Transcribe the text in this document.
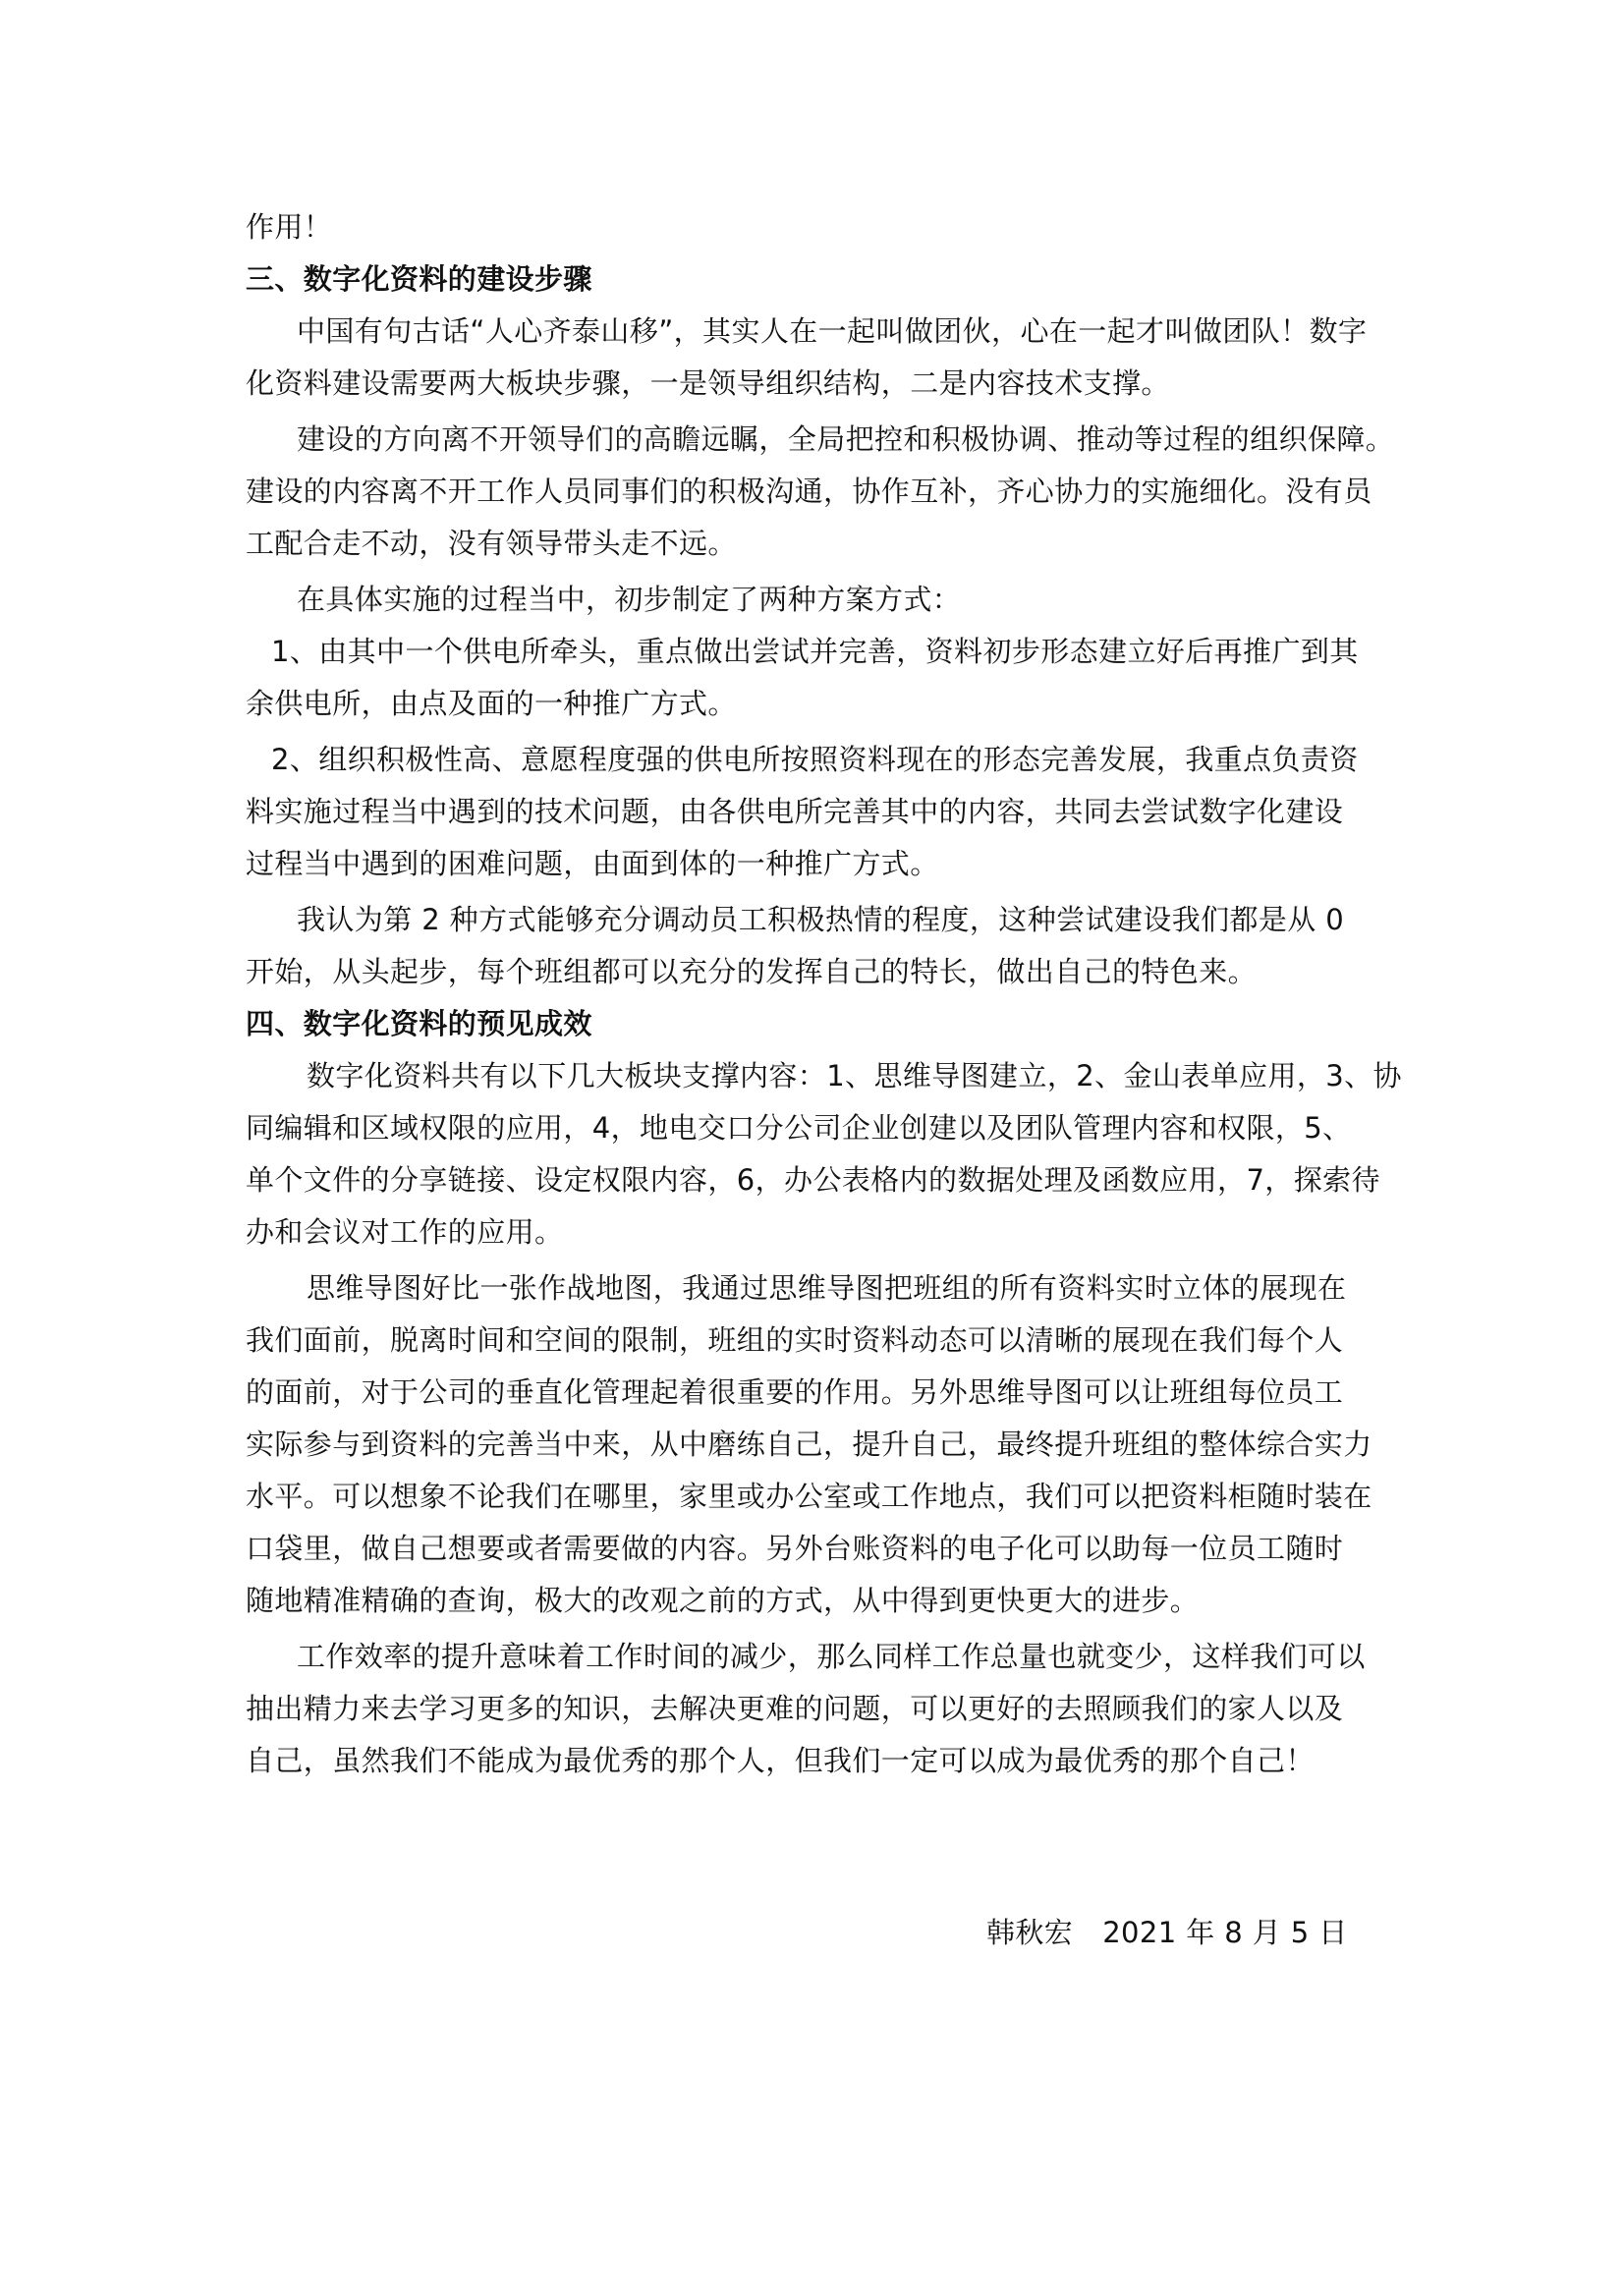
作用！
三、数字化资料的建设步骤
中国有句古话“人心齐泰山移”，其实人在一起叫做团伙，心在一起才叫做团队！数字
化资料建设需要两大板块步骤，一是领导组织结构，二是内容技术支撑。
建设的方向离不开领导们的高瞻远瞩，全局把控和积极协调、推动等过程的组织保障。
建设的内容离不开工作人员同事们的积极沟通，协作互补，齐心协力的实施细化。没有员
工配合走不动，没有领导带头走不远。
在具体实施的过程当中，初步制定了两种方案方式：
1、由其中一个供电所牵头，重点做出尝试并完善，资料初步形态建立好后再推广到其
余供电所，由点及面的一种推广方式。
2、组织积极性高、意愿程度强的供电所按照资料现在的形态完善发展，我重点负责资
料实施过程当中遇到的技术问题，由各供电所完善其中的内容，共同去尝试数字化建设
过程当中遇到的困难问题，由面到体的一种推广方式。
我认为第 2 种方式能够充分调动员工积极热情的程度，这种尝试建设我们都是从 0
开始，从头起步，每个班组都可以充分的发挥自己的特长，做出自己的特色来。
四、数字化资料的预见成效
数字化资料共有以下几大板块支撑内容：1、思维导图建立，2、金山表单应用，3、协
同编辑和区域权限的应用，4，地电交口分公司企业创建以及团队管理内容和权限，5、
单个文件的分享链接、设定权限内容，6，办公表格内的数据处理及函数应用，7，探索待
办和会议对工作的应用。
思维导图好比一张作战地图，我通过思维导图把班组的所有资料实时立体的展现在
我们面前，脱离时间和空间的限制，班组的实时资料动态可以清晰的展现在我们每个人
的面前，对于公司的垂直化管理起着很重要的作用。另外思维导图可以让班组每位员工
实际参与到资料的完善当中来，从中磨练自己，提升自己，最终提升班组的整体综合实力
水平。可以想象不论我们在哪里，家里或办公室或工作地点，我们可以把资料柜随时装在
口袋里，做自己想要或者需要做的内容。另外台账资料的电子化可以助每一位员工随时
随地精准精确的查询，极大的改观之前的方式，从中得到更快更大的进步。
工作效率的提升意味着工作时间的减少，那么同样工作总量也就变少，这样我们可以
抽出精力来去学习更多的知识，去解决更难的问题，可以更好的去照顾我们的家人以及
自己，虽然我们不能成为最优秀的那个人，但我们一定可以成为最优秀的那个自己！
韩秋宏 2021 年 8 月 5 日
